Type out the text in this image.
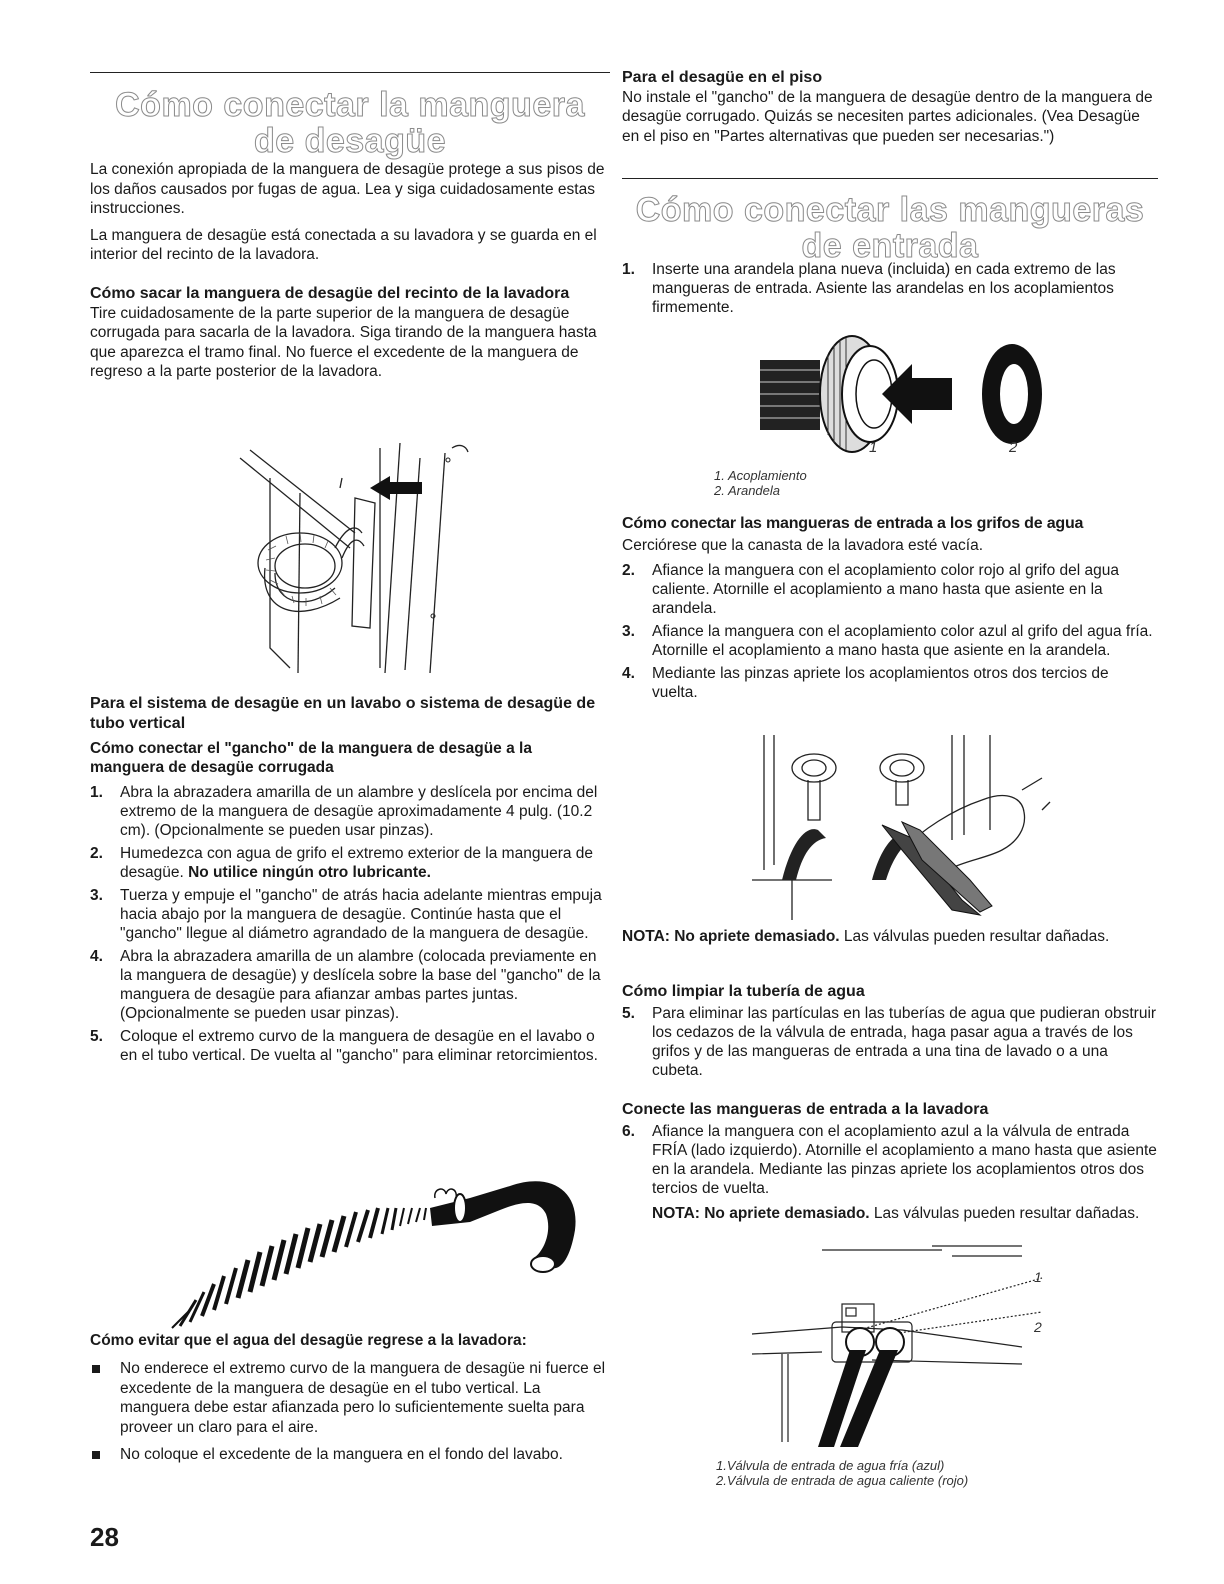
Cómo conectar la manguera
de desagüe

La conexión apropiada de la manguera de desagüe protege a sus pisos de los daños causados por fugas de agua. Lea y siga cuidadosamente estas instrucciones.

La manguera de desagüe está conectada a su lavadora y se guarda en el interior del recinto de la lavadora.

Cómo sacar la manguera de desagüe del recinto de la lavadora

Tire cuidadosamente de la parte superior de la manguera de desagüe corrugada para sacarla de la lavadora. Siga tirando de la manguera hasta que aparezca el tramo final. No fuerce el excedente de la manguera de regreso a la parte posterior de la lavadora.

Para el sistema de desagüe en un lavabo o sistema de desagüe de tubo vertical
Cómo conectar el "gancho" de la manguera de desagüe a la manguera de desagüe corrugada
1. Abra la abrazadera amarilla de un alambre y deslícela por encima del extremo de la manguera de desagüe aproximadamente 4 pulg. (10.2 cm). (Opcionalmente se pueden usar pinzas).
2. Humedezca con agua de grifo el extremo exterior de la manguera de desagüe. No utilice ningún otro lubricante.
3. Tuerza y empuje el "gancho" de atrás hacia adelante mientras empuja hacia abajo por la manguera de desagüe. Continúe hasta que el "gancho" llegue al diámetro agrandado de la manguera de desagüe.
4. Abra la abrazadera amarilla de un alambre (colocada previamente en la manguera de desagüe) y deslícela sobre la base del "gancho" de la manguera de desagüe para afianzar ambas partes juntas. (Opcionalmente se pueden usar pinzas).
5. Coloque el extremo curvo de la manguera de desagüe en el lavabo o en el tubo vertical. De vuelta al "gancho" para eliminar retorcimientos.
Cómo evitar que el agua del desagüe regrese a la lavadora:
No enderece el extremo curvo de la manguera de desagüe ni fuerce el excedente de la manguera de desagüe en el tubo vertical. La manguera debe estar afianzada pero lo suficientemente suelta para proveer un claro para el aire.
No coloque el excedente de la manguera en el fondo del lavabo.
Para el desagüe en el piso

No instale el "gancho" de la manguera de desagüe dentro de la manguera de desagüe corrugado. Quizás se necesiten partes adicionales. (Vea Desagüe en el piso en "Partes alternativas que pueden ser necesarias.")

Cómo conectar las mangueras
de entrada
1. Inserte una arandela plana nueva (incluida) en cada extremo de las mangueras de entrada. Asiente las arandelas en los acoplamientos firmemente.
1	2
1. Acoplamiento
2. Arandela
Cómo conectar las mangueras de entrada a los grifos de agua

Cerciórese que la canasta de la lavadora esté vacía.

2. Afiance la manguera con el acoplamiento color rojo al grifo del agua caliente. Atornille el acoplamiento a mano hasta que asiente en la arandela.
3. Afiance la manguera con el acoplamiento color azul al grifo del agua fría. Atornille el acoplamiento a mano hasta que asiente en la arandela.
4. Mediante las pinzas apriete los acoplamientos otros dos tercios de vuelta.

NOTA: No apriete demasiado. Las válvulas pueden resultar dañadas.

Cómo limpiar la tubería de agua
5. Para eliminar las partículas en las tuberías de agua que pudieran obstruir los cedazos de la válvula de entrada, haga pasar agua a través de los grifos y de las mangueras de entrada a una tina de lavado o a una cubeta.
Conecte las mangueras de entrada a la lavadora
6. Afiance la manguera con el acoplamiento azul a la válvula de entrada FRÍA (lado izquierdo). Atornille el acoplamiento a mano hasta que asiente en la arandela. Mediante las pinzas apriete los acoplamientos otros dos tercios de vuelta.

NOTA: No apriete demasiado. Las válvulas pueden resultar dañadas.

1
2
1.Válvula de entrada de agua fría (azul)
2.Válvula de entrada de agua caliente (rojo)
28
